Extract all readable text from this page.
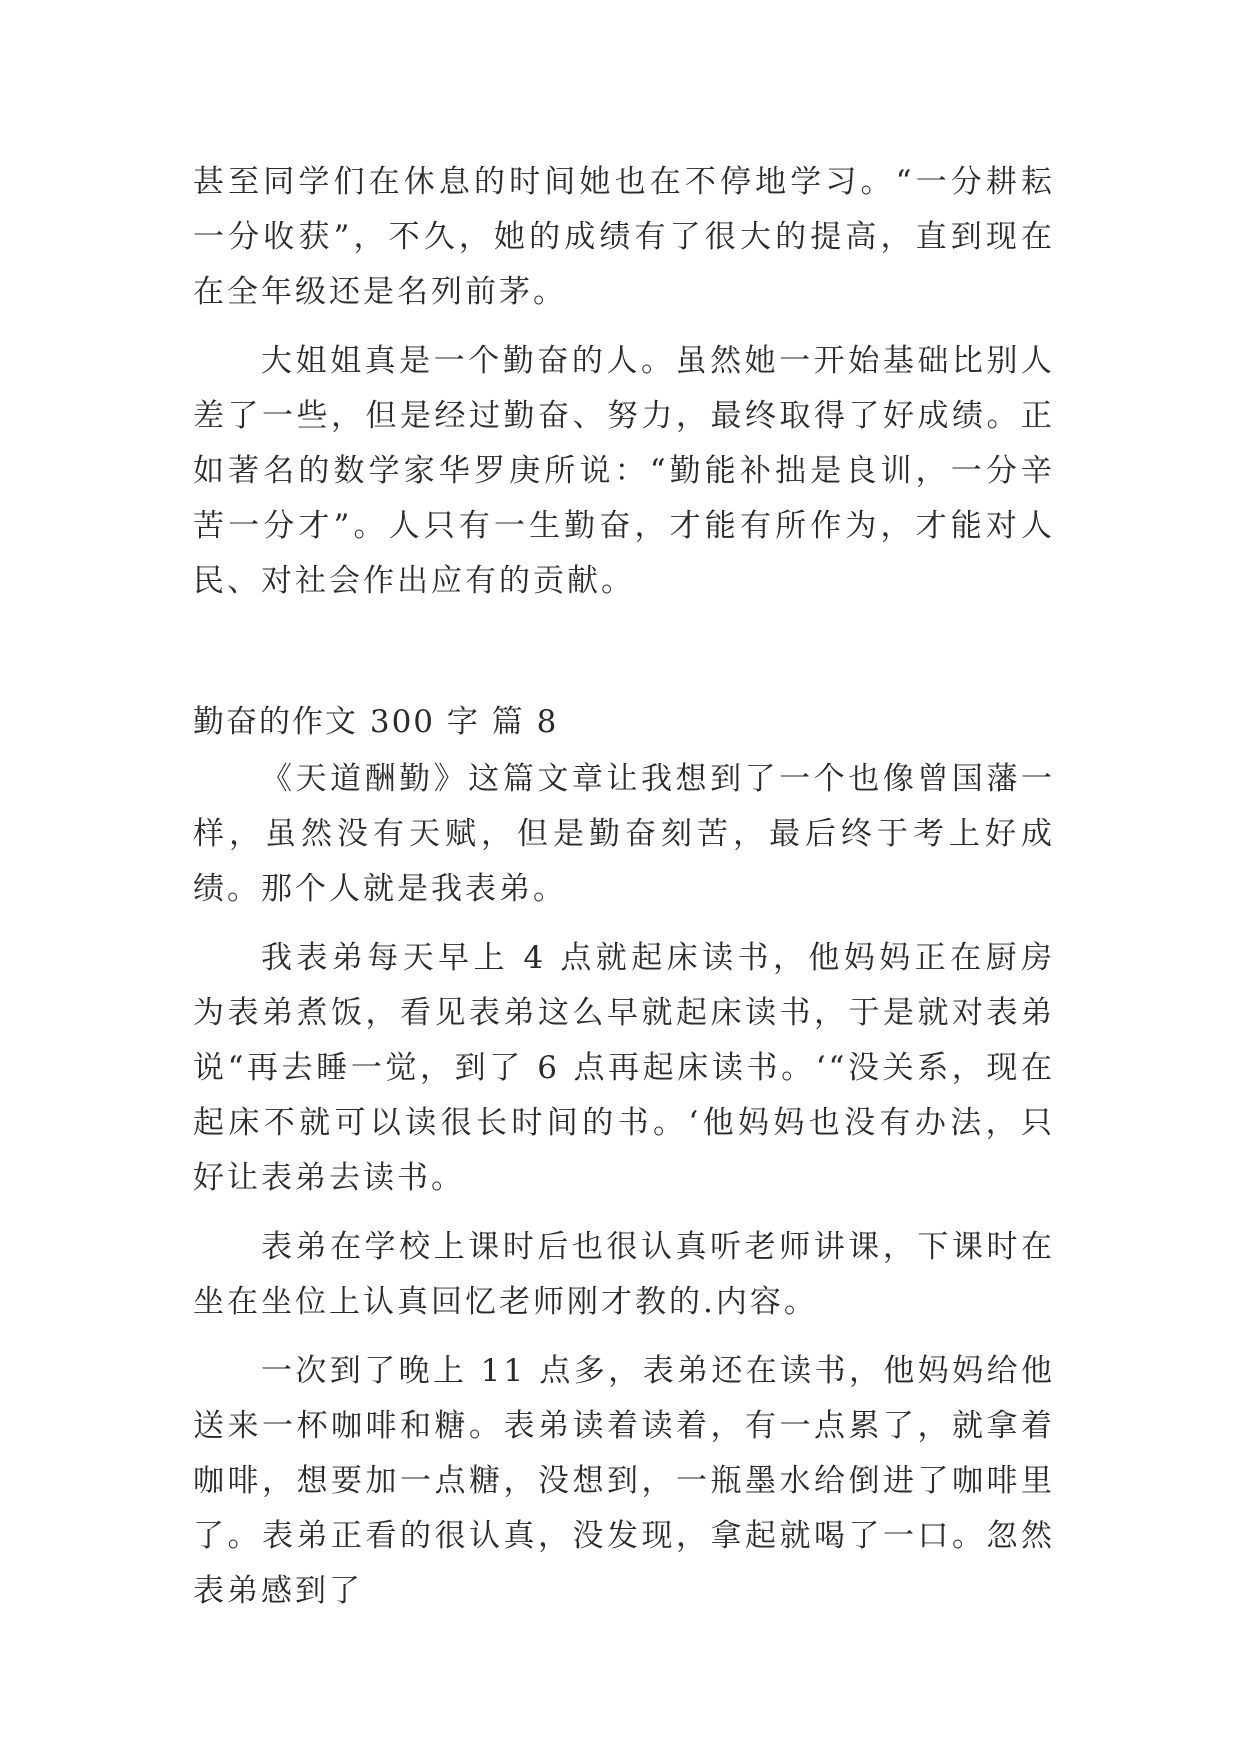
甚至同学们在休息的时间她也在不停地学习。“一分耕耘一分收获”，不久，她的成绩有了很大的提高，直到现在在全年级还是名列前茅。

大姐姐真是一个勤奋的人。虽然她一开始基础比别人差了一些，但是经过勤奋、努力，最终取得了好成绩。正如著名的数学家华罗庚所说：“勤能补拙是良训，一分辛苦一分才”。人只有一生勤奋，才能有所作为，才能对人民、对社会作出应有的贡献。

勤奋的作文 300 字 篇 8

《天道酬勤》这篇文章让我想到了一个也像曾国藩一样，虽然没有天赋，但是勤奋刻苦，最后终于考上好成绩。那个人就是我表弟。

我表弟每天早上 4 点就起床读书，他妈妈正在厨房为表弟煮饭，看见表弟这么早就起床读书，于是就对表弟说“再去睡一觉，到了 6 点再起床读书。‘“没关系，现在起床不就可以读很长时间的书。‘他妈妈也没有办法，只好让表弟去读书。

表弟在学校上课时后也很认真听老师讲课，下课时在坐在坐位上认真回忆老师刚才教的.内容。

一次到了晚上 11 点多，表弟还在读书，他妈妈给他送来一杯咖啡和糖。表弟读着读着，有一点累了，就拿着咖啡，想要加一点糖，没想到，一瓶墨水给倒进了咖啡里了。表弟正看的很认真，没发现，拿起就喝了一口。忽然表弟感到了
